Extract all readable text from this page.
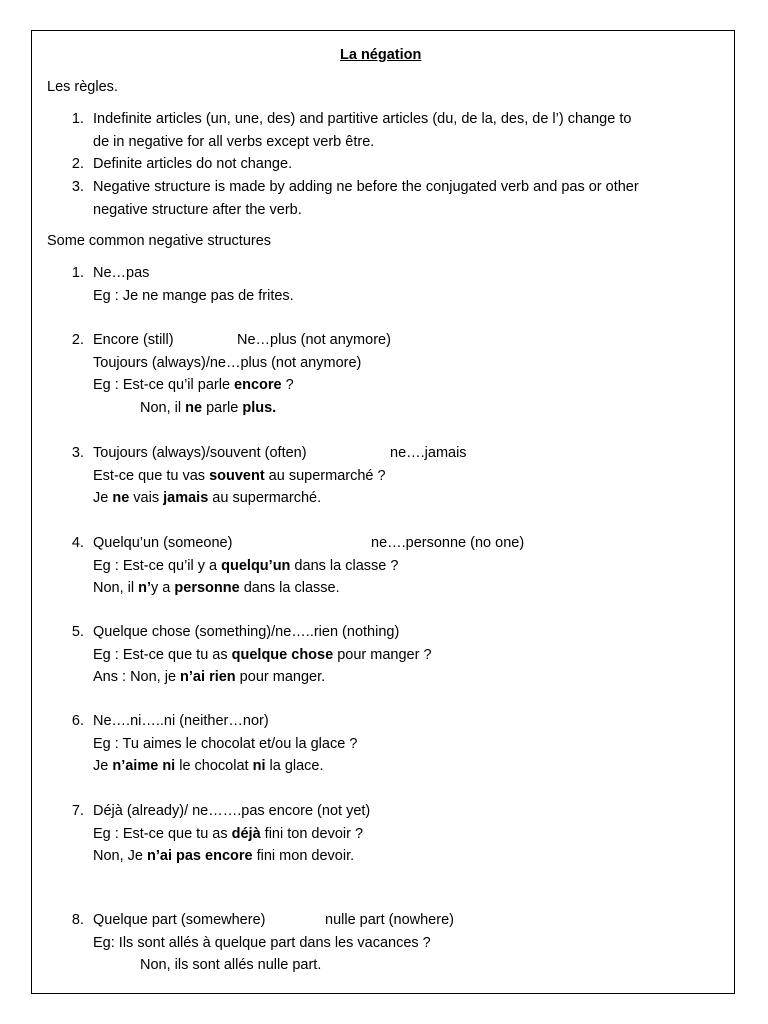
La négation
Les règles.
1. Indefinite articles (un, une, des) and partitive articles (du, de la, des, de l’) change to
de in negative for all verbs except verb être.
2. Definite articles do not change.
3. Negative structure is made by adding ne before the conjugated verb and pas or other
negative structure after the verb.
Some common negative structures
1. Ne…pas
Eg : Je ne mange pas de frites.
2. Encore (still)
Toujours (always)/ne…plus (not anymore)
Eg : Est-ce qu’il parle encore ?
Non, il ne parle plus.
Ne…plus (not anymore)
3. Toujours (always)/souvent (often)
Est-ce que tu vas souvent au supermarché ?
Je ne vais jamais au supermarché.
ne….jamais
4. Quelqu’un (someone)
Eg : Est-ce qu’il y a quelqu’un dans la classe ?
Non, il n’y a personne dans la classe.
ne….personne (no one)
5. Quelque chose (something)/ne…..rien (nothing)
Eg : Est-ce que tu as quelque chose pour manger ?
Ans : Non, je n’ai rien pour manger.
6. Ne….ni…..ni (neither…nor)
Eg : Tu aimes le chocolat et/ou la glace ?
Je n’aime ni le chocolat ni la glace.
7. Déjà (already)/ ne…….pas encore (not yet)
Eg : Est-ce que tu as déjà fini ton devoir ?
Non, Je n’ai pas encore fini mon devoir.
8. Quelque part (somewhere)
Eg: Ils sont allés à quelque part dans les vacances ?
Non, ils sont allés nulle part.
nulle part (nowhere)
